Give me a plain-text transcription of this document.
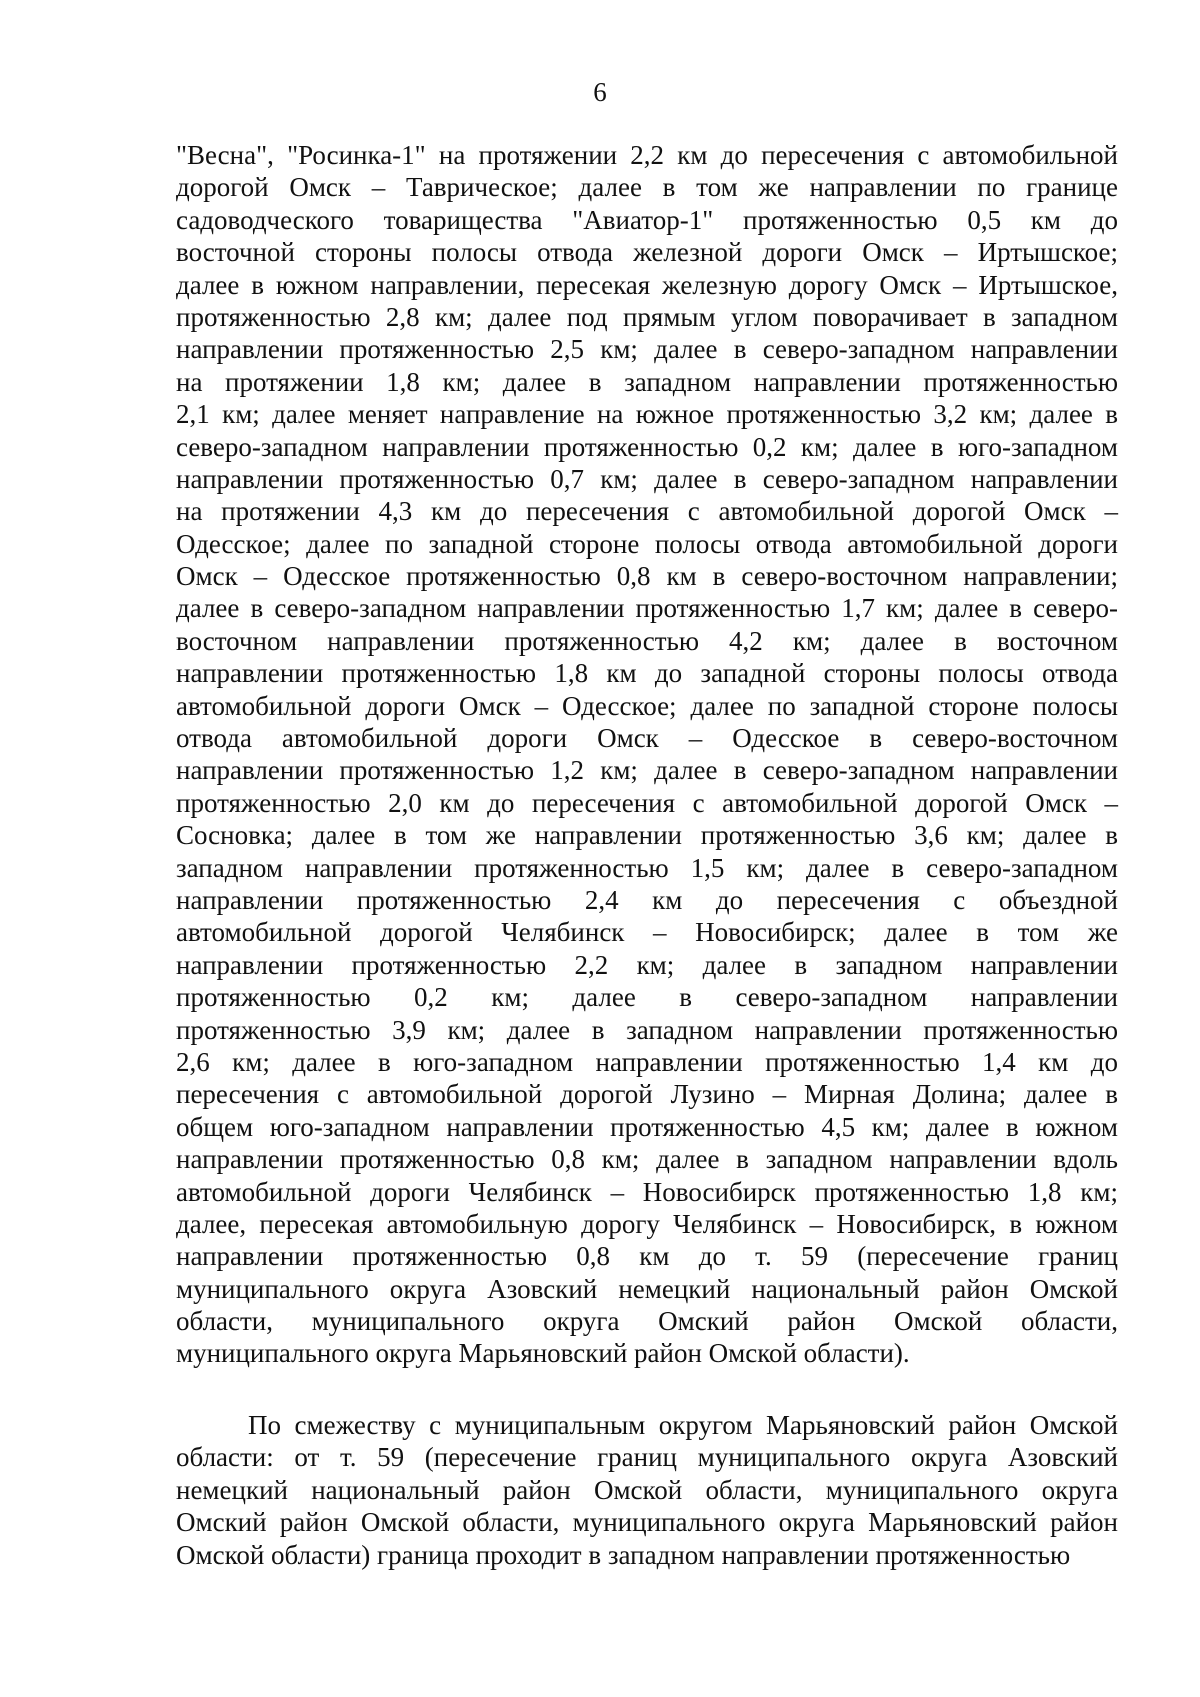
6
"Весна", "Росинка-1" на протяжении 2,2 км до пересечения с автомобильной
дорогой Омск – Таврическое; далее в том же направлении по границе
садоводческого товарищества "Авиатор-1" протяженностью 0,5 км до
восточной стороны полосы отвода железной дороги Омск – Иртышское;
далее в южном направлении, пересекая железную дорогу Омск – Иртышское,
протяженностью 2,8 км; далее под прямым углом поворачивает в западном
направлении протяженностью 2,5 км; далее в северо-западном направлении
на протяжении 1,8 км; далее в западном направлении протяженностью
2,1 км; далее меняет направление на южное протяженностью 3,2 км; далее в
северо-западном направлении протяженностью 0,2 км; далее в юго-западном
направлении протяженностью 0,7 км; далее в северо-западном направлении
на протяжении 4,3 км до пересечения с автомобильной дорогой Омск –
Одесское; далее по западной стороне полосы отвода автомобильной дороги
Омск – Одесское протяженностью 0,8 км в северо-восточном направлении;
далее в северо-западном направлении протяженностью 1,7 км; далее в северо-
восточном направлении протяженностью 4,2 км; далее в восточном
направлении протяженностью 1,8 км до западной стороны полосы отвода
автомобильной дороги Омск – Одесское; далее по западной стороне полосы
отвода автомобильной дороги Омск – Одесское в северо-восточном
направлении протяженностью 1,2 км; далее в северо-западном направлении
протяженностью 2,0 км до пересечения с автомобильной дорогой Омск –
Сосновка; далее в том же направлении протяженностью 3,6 км; далее в
западном направлении протяженностью 1,5 км; далее в северо-западном
направлении протяженностью 2,4 км до пересечения с объездной
автомобильной дорогой Челябинск – Новосибирск; далее в том же
направлении протяженностью 2,2 км; далее в западном направлении
протяженностью 0,2 км; далее в северо-западном направлении
протяженностью 3,9 км; далее в западном направлении протяженностью
2,6 км; далее в юго-западном направлении протяженностью 1,4 км до
пересечения с автомобильной дорогой Лузино – Мирная Долина; далее в
общем юго-западном направлении протяженностью 4,5 км; далее в южном
направлении протяженностью 0,8 км; далее в западном направлении вдоль
автомобильной дороги Челябинск – Новосибирск протяженностью 1,8 км;
далее, пересекая автомобильную дорогу Челябинск – Новосибирск, в южном
направлении протяженностью 0,8 км до т. 59 (пересечение границ
муниципального округа Азовский немецкий национальный район Омской
области, муниципального округа Омский район Омской области,
муниципального округа Марьяновский район Омской области).
По смежеству с муниципальным округом Марьяновский район Омской
области: от т. 59 (пересечение границ муниципального округа Азовский
немецкий национальный район Омской области, муниципального округа
Омский район Омской области, муниципального округа Марьяновский район
Омской области) граница проходит в западном направлении протяженностью
